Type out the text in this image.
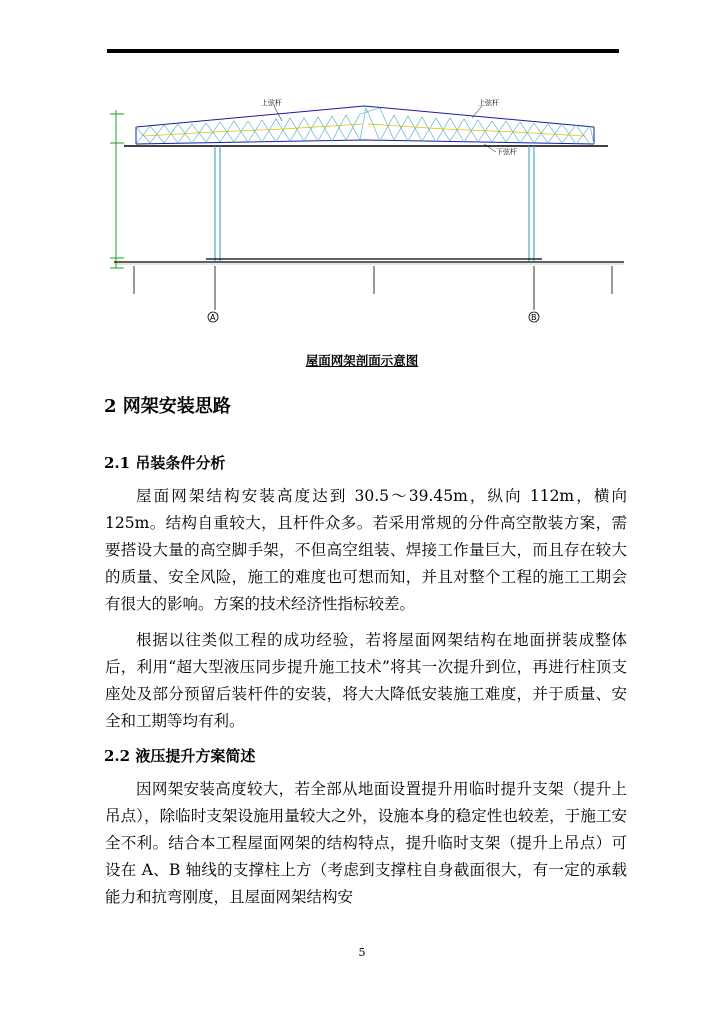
A	B
上弦杆	上弦杆
下弦杆
屋面网架剖面示意图
2 网架安装思路
2.1 吊装条件分析

屋面网架结构安装高度达到 30.5～39.45m，纵向 112m，横向 125m。结构自重较大，且杆件众多。若采用常规的分件高空散装方案，需要搭设大量的高空脚手架，不但高空组装、焊接工作量巨大，而且存在较大的质量、安全风险，施工的难度也可想而知，并且对整个工程的施工工期会有很大的影响。方案的技术经济性指标较差。

根据以往类似工程的成功经验，若将屋面网架结构在地面拼装成整体后，利用“超大型液压同步提升施工技术”将其一次提升到位，再进行柱顶支座处及部分预留后装杆件的安装，将大大降低安装施工难度，并于质量、安全和工期等均有利。

2.2 液压提升方案简述

因网架安装高度较大，若全部从地面设置提升用临时提升支架（提升上吊点），除临时支架设施用量较大之外，设施本身的稳定性也较差，于施工安全不利。结合本工程屋面网架的结构特点，提升临时支架（提升上吊点）可设在 A、B 轴线的支撑柱上方（考虑到支撑柱自身截面很大，有一定的承载能力和抗弯刚度，且屋面网架结构安

5
